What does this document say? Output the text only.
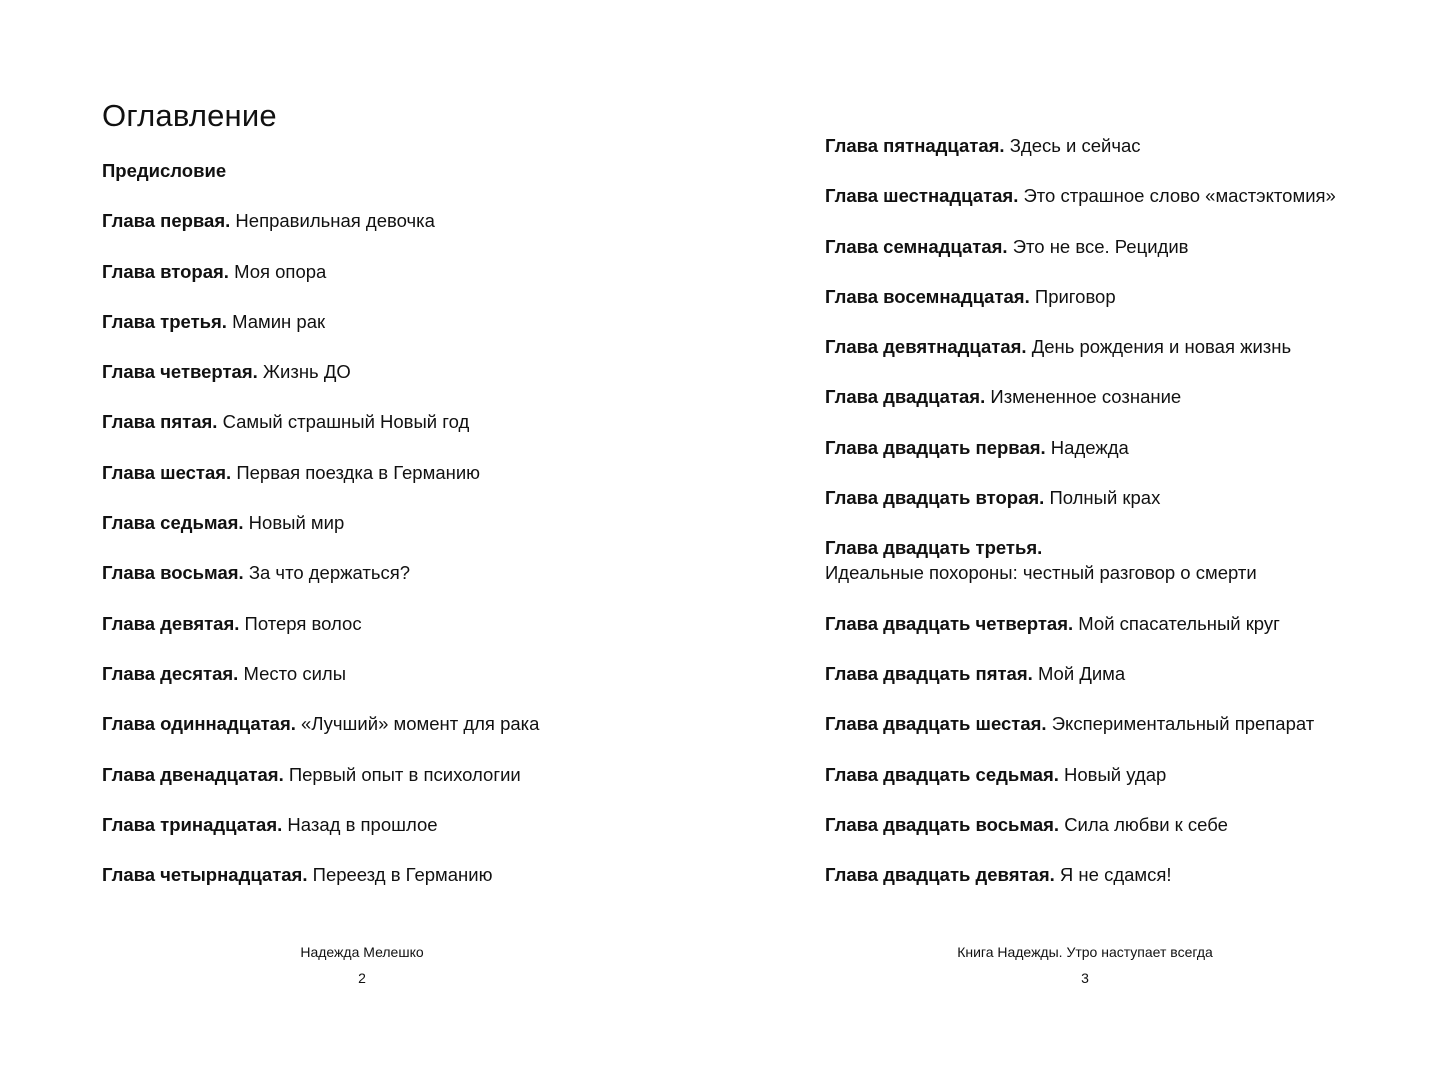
Оглавление
Предисловие
Глава первая. Неправильная девочка
Глава вторая. Моя опора
Глава третья. Мамин рак
Глава четвертая. Жизнь ДО
Глава пятая. Самый страшный Новый год
Глава шестая. Первая поездка в Германию
Глава седьмая. Новый мир
Глава восьмая. За что держаться?
Глава девятая. Потеря волос
Глава десятая. Место силы
Глава одиннадцатая. «Лучший» момент для рака
Глава двенадцатая. Первый опыт в психологии
Глава тринадцатая. Назад в прошлое
Глава четырнадцатая. Переезд в Германию
Надежда Мелешко
2
Глава пятнадцатая. Здесь и сейчас
Глава шестнадцатая. Это страшное слово «мастэктомия»
Глава семнадцатая. Это не все. Рецидив
Глава восемнадцатая. Приговор
Глава девятнадцатая. День рождения и новая жизнь
Глава двадцатая. Измененное сознание
Глава двадцать первая. Надежда
Глава двадцать вторая. Полный крах
Глава двадцать третья.
Идеальные похороны: честный разговор о смерти
Глава двадцать четвертая. Мой спасательный круг
Глава двадцать пятая. Мой Дима
Глава двадцать шестая. Экспериментальный препарат
Глава двадцать седьмая. Новый удар
Глава двадцать восьмая. Сила любви к себе
Глава двадцать девятая. Я не сдамся!
Книга Надежды. Утро наступает всегда
3
